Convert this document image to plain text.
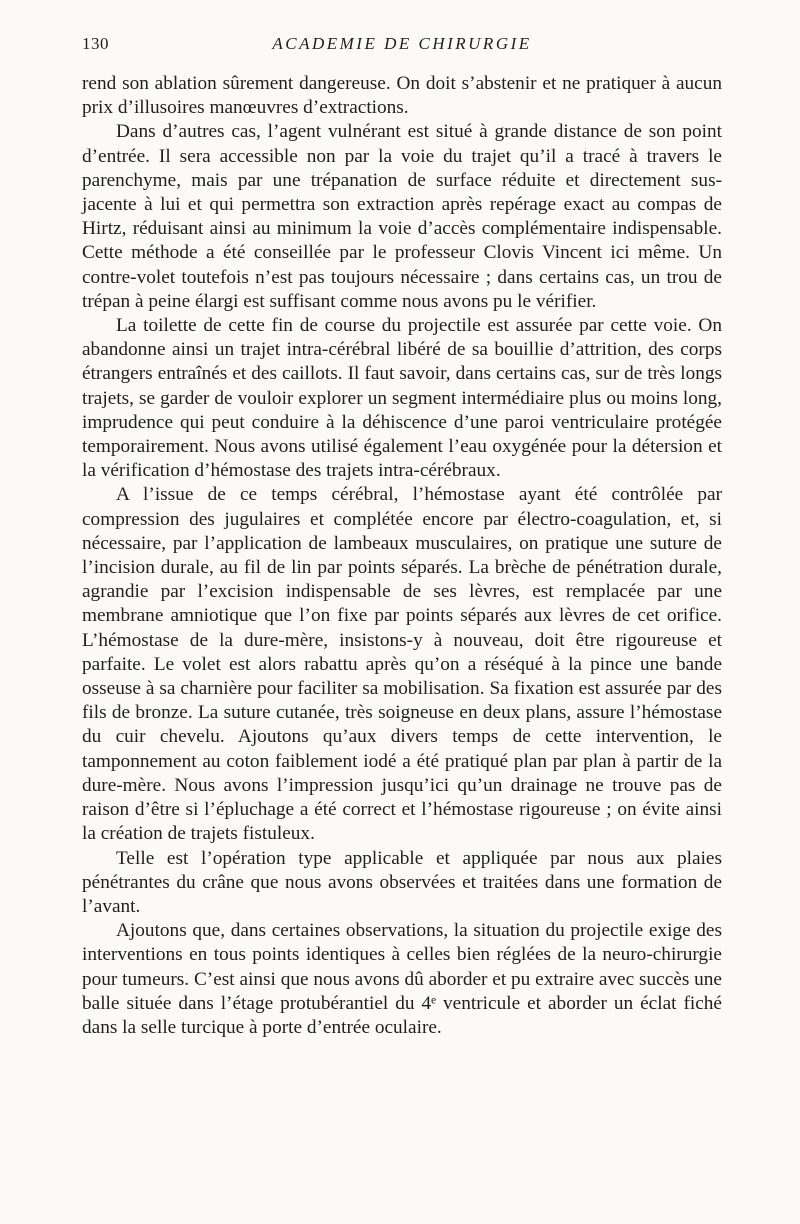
130	ACADEMIE DE CHIRURGIE

rend son ablation sûrement dangereuse. On doit s’abstenir et ne pratiquer à aucun prix d’illusoires manœuvres d’extractions.

Dans d’autres cas, l’agent vulnérant est situé à grande distance de son point d’entrée. Il sera accessible non par la voie du trajet qu’il a tracé à travers le parenchyme, mais par une trépanation de surface réduite et directement sus-jacente à lui et qui permettra son extraction après repérage exact au compas de Hirtz, réduisant ainsi au minimum la voie d’accès complémentaire indispensable. Cette méthode a été conseillée par le professeur Clovis Vincent ici même. Un contre-volet toutefois n’est pas toujours nécessaire ; dans certains cas, un trou de trépan à peine élargi est suffisant comme nous avons pu le vérifier.

La toilette de cette fin de course du projectile est assurée par cette voie. On abandonne ainsi un trajet intra-cérébral libéré de sa bouillie d’attrition, des corps étrangers entraînés et des caillots. Il faut savoir, dans certains cas, sur de très longs trajets, se garder de vouloir explorer un segment intermédiaire plus ou moins long, imprudence qui peut conduire à la déhiscence d’une paroi ventriculaire protégée temporairement. Nous avons utilisé également l’eau oxygénée pour la détersion et la vérification d’hémostase des trajets intra-cérébraux.

A l’issue de ce temps cérébral, l’hémostase ayant été contrôlée par compression des jugulaires et complétée encore par électro-coagulation, et, si nécessaire, par l’application de lambeaux musculaires, on pratique une suture de l’incision durale, au fil de lin par points séparés. La brèche de pénétration durale, agrandie par l’excision indispensable de ses lèvres, est remplacée par une membrane amniotique que l’on fixe par points séparés aux lèvres de cet orifice. L’hémostase de la dure-mère, insistons-y à nouveau, doit être rigoureuse et parfaite. Le volet est alors rabattu après qu’on a réséqué à la pince une bande osseuse à sa charnière pour faciliter sa mobilisation. Sa fixation est assurée par des fils de bronze. La suture cutanée, très soigneuse en deux plans, assure l’hémostase du cuir chevelu. Ajoutons qu’aux divers temps de cette intervention, le tamponnement au coton faiblement iodé a été pratiqué plan par plan à partir de la dure-mère. Nous avons l’impression jusqu’ici qu’un drainage ne trouve pas de raison d’être si l’épluchage a été correct et l’hémostase rigoureuse ; on évite ainsi la création de trajets fistuleux.

Telle est l’opération type applicable et appliquée par nous aux plaies pénétrantes du crâne que nous avons observées et traitées dans une formation de l’avant.

Ajoutons que, dans certaines observations, la situation du projectile exige des interventions en tous points identiques à celles bien réglées de la neuro-chirurgie pour tumeurs. C’est ainsi que nous avons dû aborder et pu extraire avec succès une balle située dans l’étage protubérantiel du 4ᵉ ventricule et aborder un éclat fiché dans la selle turcique à porte d’entrée oculaire.
